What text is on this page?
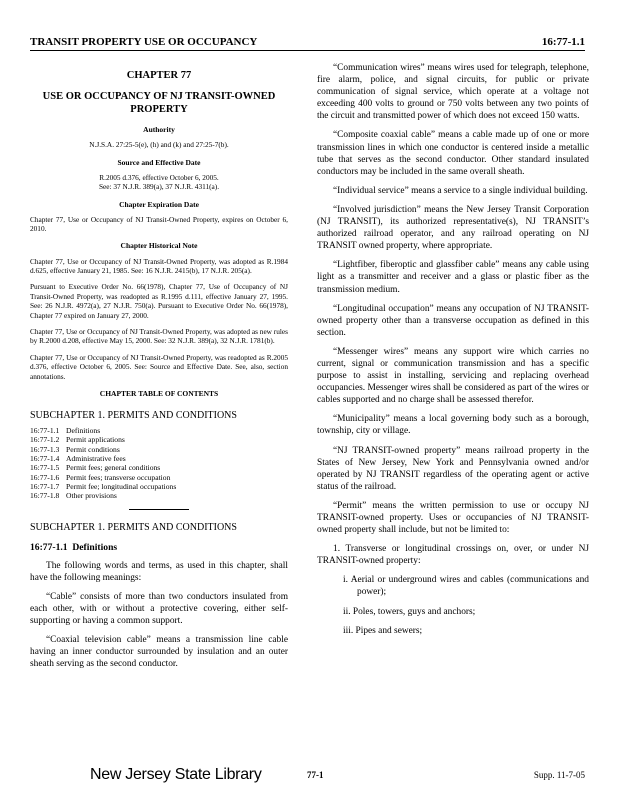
TRANSIT PROPERTY USE OR OCCUPANCY	16:77-1.1
CHAPTER 77
USE OR OCCUPANCY OF NJ TRANSIT-OWNED PROPERTY
Authority
N.J.S.A. 27:25-5(e), (h) and (k) and 27:25-7(b).
Source and Effective Date
R.2005 d.376, effective October 6, 2005.
See: 37 N.J.R. 389(a), 37 N.J.R. 4311(a).
Chapter Expiration Date

Chapter 77, Use or Occupancy of NJ Transit-Owned Property, expires on October 6, 2010.

Chapter Historical Note

Chapter 77, Use or Occupancy of NJ Transit-Owned Property, was adopted as R.1984 d.625, effective January 21, 1985. See: 16 N.J.R. 2415(b), 17 N.J.R. 205(a).

Pursuant to Executive Order No. 66(1978), Chapter 77, Use of Occupancy of NJ Transit-Owned Property, was readopted as R.1995 d.111, effective January 27, 1995. See: 26 N.J.R. 4972(a), 27 N.J.R. 750(a). Pursuant to Executive Order No. 66(1978), Chapter 77 expired on January 27, 2000.

Chapter 77, Use or Occupancy of NJ Transit-Owned Property, was adopted as new rules by R.2000 d.208, effective May 15, 2000. See: 32 N.J.R. 389(a), 32 N.J.R. 1781(b).

Chapter 77, Use or Occupancy of NJ Transit-Owned Property, was readopted as R.2005 d.376, effective October 6, 2005. See: Source and Effective Date. See, also, section annotations.

CHAPTER TABLE OF CONTENTS
SUBCHAPTER 1. PERMITS AND CONDITIONS
16:77-1.1 Definitions
16:77-1.2 Permit applications
16:77-1.3 Permit conditions
16:77-1.4 Administrative fees
16:77-1.5 Permit fees; general conditions
16:77-1.6 Permit fees; transverse occupation
16:77-1.7 Permit fee; longitudinal occupations
16:77-1.8 Other provisions
SUBCHAPTER 1. PERMITS AND CONDITIONS

16:77-1.1 Definitions

The following words and terms, as used in this chapter, shall have the following meanings:

“Cable” consists of more than two conductors insulated from each other, with or without a protective covering, either self-supporting or having a common support.

“Coaxial television cable” means a transmission line cable having an inner conductor surrounded by insulation and an outer sheath serving as the second conductor.

“Communication wires” means wires used for telegraph, telephone, fire alarm, police, and signal circuits, for public or private communication of signal service, which operate at a voltage not exceeding 400 volts to ground or 750 volts between any two points of the circuit and transmitted power of which does not exceed 150 watts.

“Composite coaxial cable” means a cable made up of one or more transmission lines in which one conductor is centered inside a metallic tube that serves as the second conductor. Other standard insulated conductors may be included in the same overall sheath.

“Individual service” means a service to a single individual building.

“Involved jurisdiction” means the New Jersey Transit Corporation (NJ TRANSIT), its authorized representative(s), NJ TRANSIT’s authorized railroad operator, and any railroad operating on NJ TRANSIT owned property, where appropriate.

“Lightfiber, fiberoptic and glassfiber cable” means any cable using light as a transmitter and receiver and a glass or plastic fiber as the transmission medium.

“Longitudinal occupation” means any occupation of NJ TRANSIT-owned property other than a transverse occupation as defined in this section.

“Messenger wires” means any support wire which carries no current, signal or communication transmission and has a specific purpose to assist in installing, servicing and replacing overhead occupancies. Messenger wires shall be considered as part of the wires or cables supported and no charge shall be assessed therefor.

“Municipality” means a local governing body such as a borough, township, city or village.

“NJ TRANSIT-owned property” means railroad property in the States of New Jersey, New York and Pennsylvania owned and/or operated by NJ TRANSIT regardless of the operating agent or active status of the railroad.

“Permit” means the written permission to use or occupy NJ TRANSIT-owned property. Uses or occupancies of NJ TRANSIT-owned property shall include, but not be limited to:

1. Transverse or longitudinal crossings on, over, or under NJ TRANSIT-owned property:

i. Aerial or underground wires and cables (communications and power);

ii. Poles, towers, guys and anchors;

iii. Pipes and sewers;

New Jersey State Library	77-1	Supp. 11-7-05
